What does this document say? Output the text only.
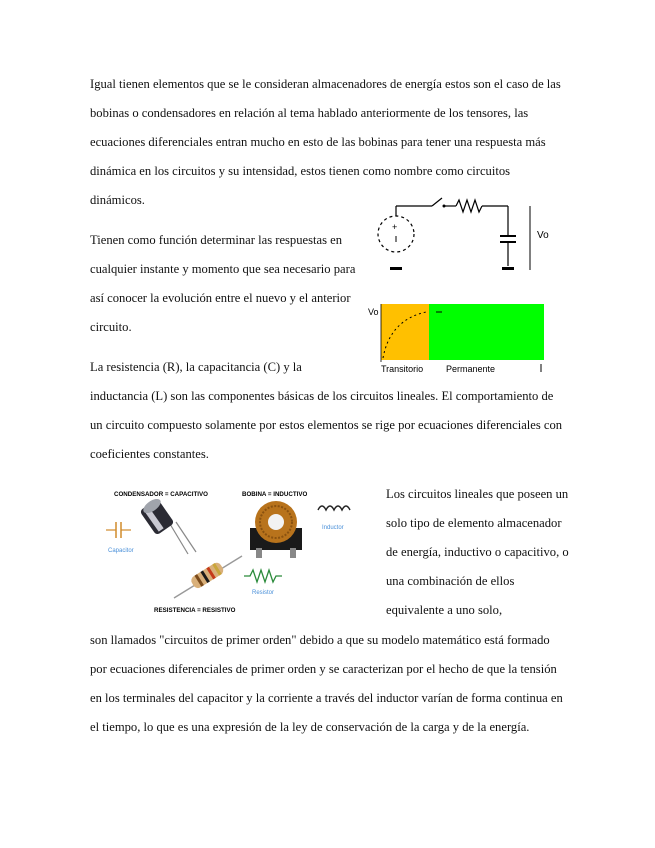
Igual tienen elementos que se le consideran almacenadores de energía estos son el caso de las bobinas o condensadores en relación al tema hablado anteriormente de los tensores, las ecuaciones diferenciales entran mucho en esto de las bobinas para tener una respuesta más dinámica en los circuitos y su intensidad, estos tienen como nombre como circuitos dinámicos.

Tienen como función determinar las respuestas en cualquier instante y momento que sea necesario para así conocer la evolución entre el nuevo y el anterior circuito.

La resistencia (R), la capacitancia (C) y la

inductancia (L) son las componentes básicas de los circuitos lineales. El comportamiento de un circuito compuesto solamente por estos elementos se rige por ecuaciones diferenciales con coeficientes constantes.

Los circuitos lineales que poseen un solo tipo de elemento almacenador de energía, inductivo o capacitivo, o una combinación de ellos equivalente a uno solo,

son llamados "circuitos de primer orden" debido a que su modelo matemático está formado por ecuaciones diferenciales de primer orden y se caracterizan por el hecho de que la tensión en los terminales del capacitor y la corriente a través del inductor varían de forma continua en el tiempo, lo que es una expresión de la ley de conservación de la carga y de la energía.

+
Vo
Vo
Transitorio	Permanente
CONDENSADOR = CAPACITIVO
Capacitor
BOBINA = INDUCTIVO
Inductor
Resistor
RESISTENCIA = RESISTIVO
